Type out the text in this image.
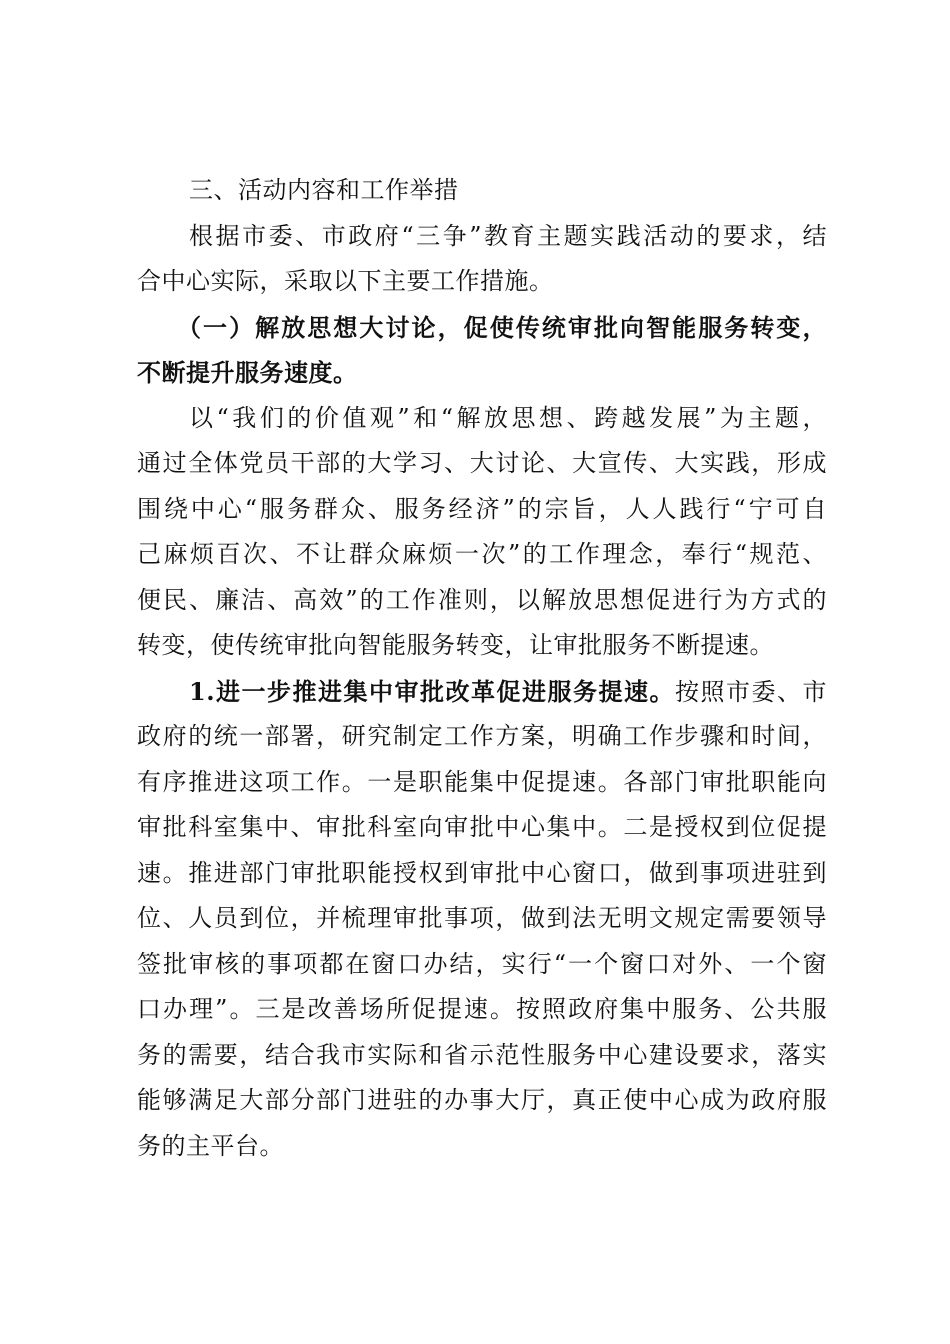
三、活动内容和工作举措
根据市委、市政府“三争”教育主题实践活动的要求，结
合中心实际，采取以下主要工作措施。
（一）解放思想大讨论，促使传统审批向智能服务转变，
不断提升服务速度。
以“我们的价值观”和“解放思想、跨越发展”为主题，
通过全体党员干部的大学习、大讨论、大宣传、大实践，形成
围绕中心“服务群众、服务经济”的宗旨，人人践行“宁可自
己麻烦百次、不让群众麻烦一次”的工作理念，奉行“规范、
便民、廉洁、高效”的工作准则，以解放思想促进行为方式的
转变，使传统审批向智能服务转变，让审批服务不断提速。
1.进一步推进集中审批改革促进服务提速。按照市委、市
政府的统一部署，研究制定工作方案，明确工作步骤和时间，
有序推进这项工作。一是职能集中促提速。各部门审批职能向
审批科室集中、审批科室向审批中心集中。二是授权到位促提
速。推进部门审批职能授权到审批中心窗口，做到事项进驻到
位、人员到位，并梳理审批事项，做到法无明文规定需要领导
签批审核的事项都在窗口办结，实行“一个窗口对外、一个窗
口办理”。三是改善场所促提速。按照政府集中服务、公共服
务的需要，结合我市实际和省示范性服务中心建设要求，落实
能够满足大部分部门进驻的办事大厅，真正使中心成为政府服
务的主平台。
